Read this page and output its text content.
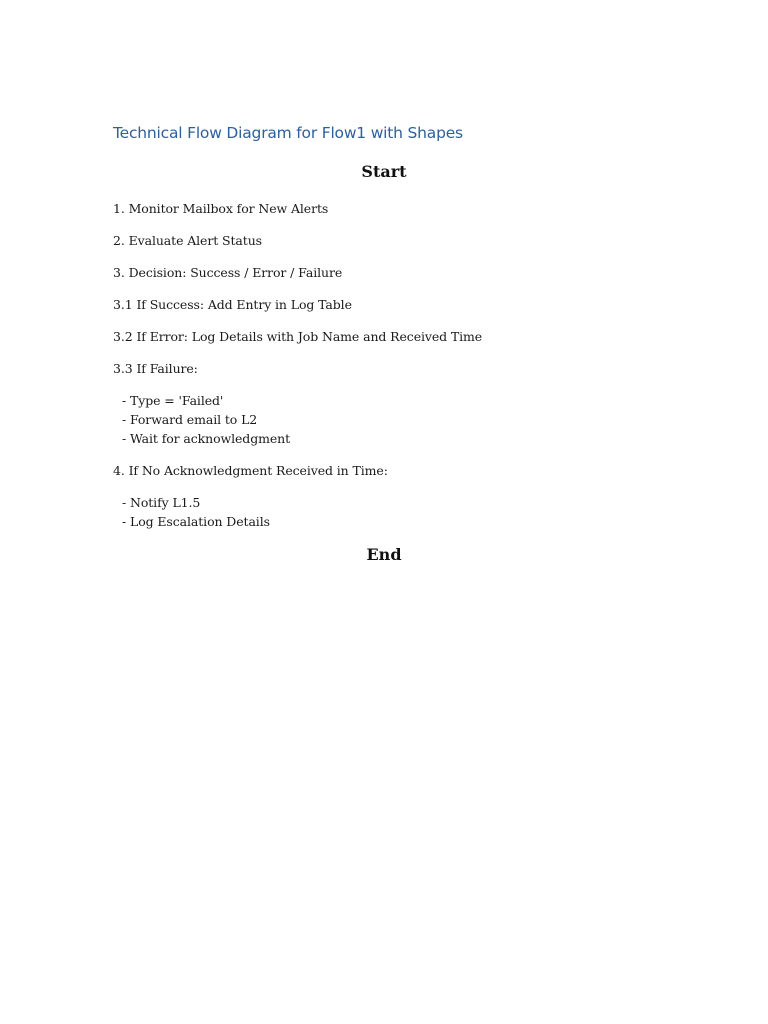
Technical Flow Diagram for Flow1 with Shapes
Start
1. Monitor Mailbox for New Alerts
2. Evaluate Alert Status
3. Decision: Success / Error / Failure
3.1 If Success: Add Entry in Log Table
3.2 If Error: Log Details with Job Name and Received Time
3.3 If Failure:
- Type = 'Failed'
- Forward email to L2
- Wait for acknowledgment
4. If No Acknowledgment Received in Time:
- Notify L1.5
- Log Escalation Details
End
